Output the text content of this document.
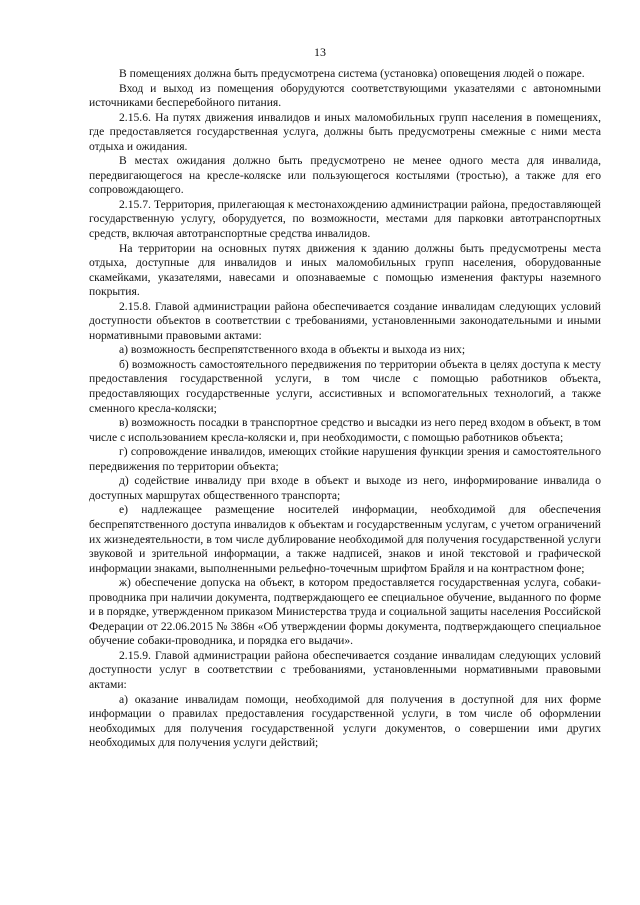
13

В помещениях должна быть предусмотрена система (установка) оповещения людей о пожаре.

Вход и выход из помещения оборудуются соответствующими указателями с автономными источниками бесперебойного питания.

2.15.6. На путях движения инвалидов и иных маломобильных групп населения в помещениях, где предоставляется государственная услуга, должны быть предусмотрены смежные с ними места отдыха и ожидания.

В местах ожидания должно быть предусмотрено не менее одного места для инвалида, передвигающегося на кресле-коляске или пользующегося костылями (тростью), а также для его сопровождающего.

2.15.7. Территория, прилегающая к местонахождению администрации района, предоставляющей государственную услугу, оборудуется, по возможности, местами для парковки автотранспортных средств, включая автотранспортные средства инвалидов.

На территории на основных путях движения к зданию должны быть предусмотрены места отдыха, доступные для инвалидов и иных маломобильных групп населения, оборудованные скамейками, указателями, навесами и опознаваемые с помощью изменения фактуры наземного покрытия.

2.15.8. Главой администрации района обеспечивается создание инвалидам следующих условий доступности объектов в соответствии с требованиями, установленными законодательными и иными нормативными правовыми актами:

а) возможность беспрепятственного входа в объекты и выхода из них;

б) возможность самостоятельного передвижения по территории объекта в целях доступа к месту предоставления государственной услуги, в том числе с помощью работников объекта, предоставляющих государственные услуги, ассистивных и вспомогательных технологий, а также сменного кресла-коляски;

в) возможность посадки в транспортное средство и высадки из него перед входом в объект, в том числе с использованием кресла-коляски и, при необходимости, с помощью работников объекта;

г) сопровождение инвалидов, имеющих стойкие нарушения функции зрения и самостоятельного передвижения по территории объекта;

д) содействие инвалиду при входе в объект и выходе из него, информирование инвалида о доступных маршрутах общественного транспорта;

е) надлежащее размещение носителей информации, необходимой для обеспечения беспрепятственного доступа инвалидов к объектам и государственным услугам, с учетом ограничений их жизнедеятельности, в том числе дублирование необходимой для получения государственной услуги звуковой и зрительной информации, а также надписей, знаков и иной текстовой и графической информации знаками, выполненными рельефно-точечным шрифтом Брайля и на контрастном фоне;

ж) обеспечение допуска на объект, в котором предоставляется государственная услуга, собаки-проводника при наличии документа, подтверждающего ее специальное обучение, выданного по форме и в порядке, утвержденном приказом Министерства труда и социальной защиты населения Российской Федерации от 22.06.2015 № 386н «Об утверждении формы документа, подтверждающего специальное обучение собаки-проводника, и порядка его выдачи».

2.15.9. Главой администрации района обеспечивается создание инвалидам следующих условий доступности услуг в соответствии с требованиями, установленными нормативными правовыми актами:

а) оказание инвалидам помощи, необходимой для получения в доступной для них форме информации о правилах предоставления государственной услуги, в том числе об оформлении необходимых для получения государственной услуги документов, о совершении ими других необходимых для получения услуги действий;
